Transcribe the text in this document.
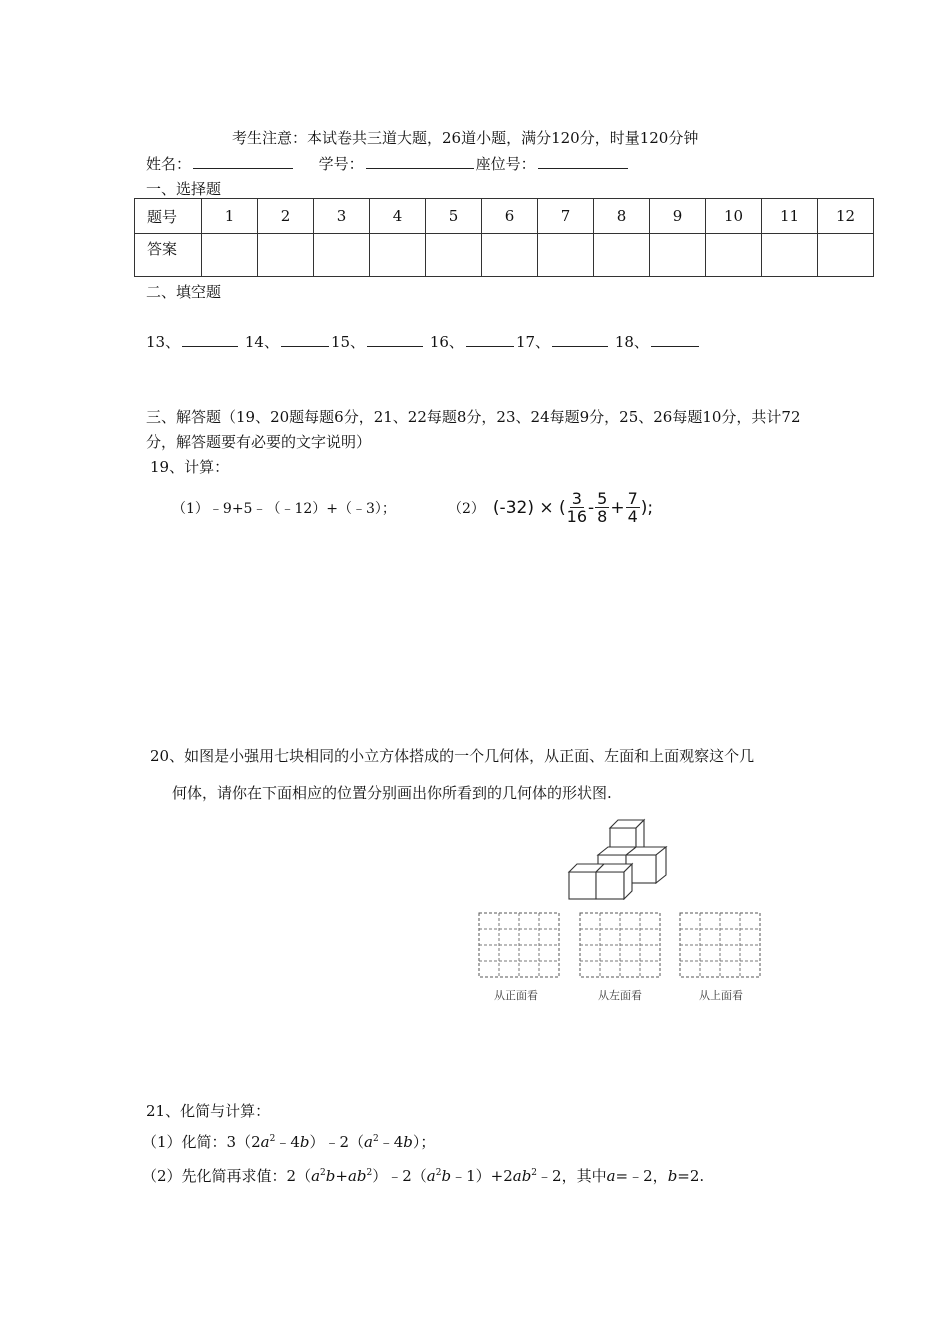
考生注意：本试卷共三道大题，26道小题，满分120分，时量120分钟
姓名：	学号：	座位号：
一、选择题
题号	1	2	3	4	5	6	7	8	9	10	11	12
答案												
二、填空题
13、	14、	15、	16、	17、	18、
三、解答题（19、20题每题6分，21、22每题8分，23、24每题9分，25、26每题10分，共计72
分，解答题要有必要的文字说明）
19、计算：
（1）﹣9+5﹣（﹣12）+（﹣3）；	（2） (-32) × ( $\frac{3}{16} - \frac{5}{8} + \frac{7}{4}$ );
20、如图是小强用七块相同的小立方体搭成的一个几何体，从正面、左面和上面观察这个几
何体，请你在下面相应的位置分别画出你所看到的几何体的形状图.
从正面看	从左面看	从上面看
21、化简与计算：
（1）化简：$3(2a^2﹣4b)﹣2(a^2﹣4b)$；
（2）先化简再求值：$2(a^2b+ab^2)﹣2(a^2b﹣1)+2ab^2﹣2$，其中a=﹣2，b=2.
